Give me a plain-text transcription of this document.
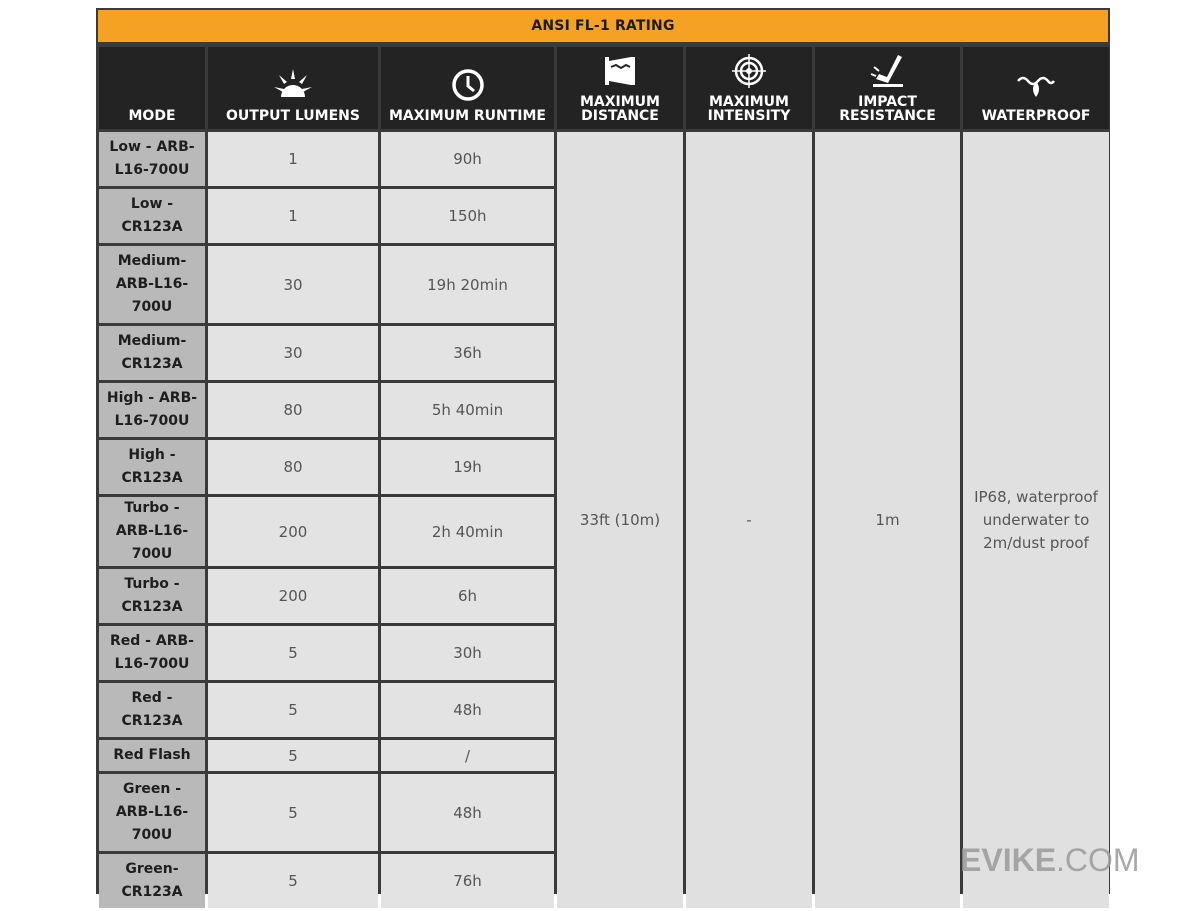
ANSI FL-1 RATING
MODE	OUTPUT LUMENS	MAXIMUM RUNTIME	MAXIMUM DISTANCE	MAXIMUM INTENSITY	IMPACT RESISTANCE	WATERPROOF
Low - ARB-L16-700U	1	90h	33ft (10m)	-	1m	IP68, waterproof underwater to 2m/dust proof
Low - CR123A	1	150h				
Medium-ARB-L16-700U	30	19h 20min				
Medium-CR123A	30	36h				
High - ARB-L16-700U	80	5h 40min				
High - CR123A	80	19h				
Turbo - ARB-L16-700U	200	2h 40min				
Turbo - CR123A	200	6h				
Red - ARB-L16-700U	5	30h				
Red - CR123A	5	48h				
Red Flash	5	/				
Green - ARB-L16-700U	5	48h				
Green-CR123A	5	76h				
EVIKE.COM
